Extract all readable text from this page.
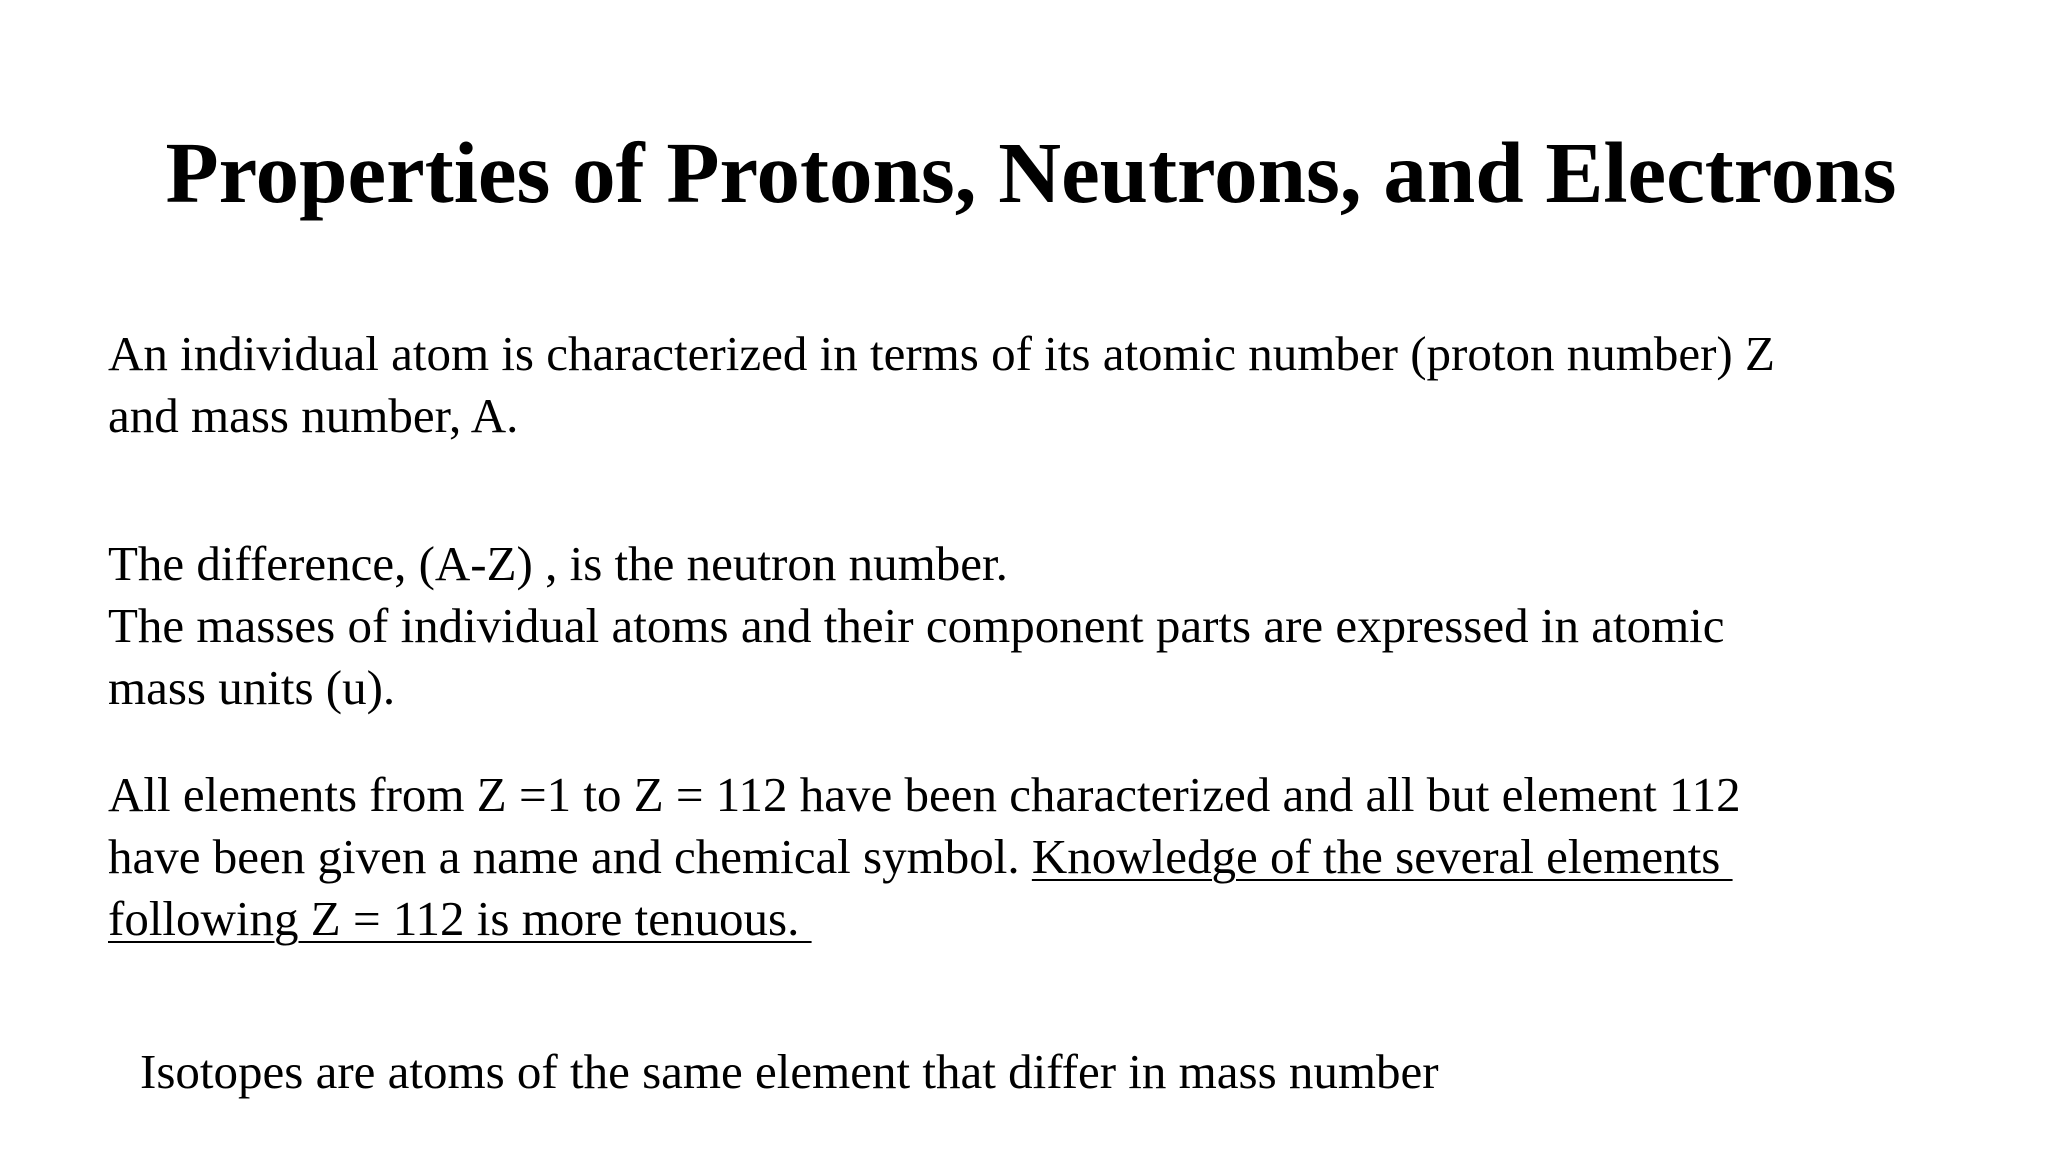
Properties of Protons, Neutrons, and Electrons
An individual atom is characterized in terms of its atomic number (proton number) Z
and mass number, A.
The difference, (A-Z) , is the neutron number.
The masses of individual atoms and their component parts are expressed in atomic
mass units (u).
All elements from Z =1 to Z = 112 have been characterized and all but element 112
have been given a name and chemical symbol. Knowledge of the several elements
following Z = 112 is more tenuous.
Isotopes are atoms of the same element that differ in mass number
